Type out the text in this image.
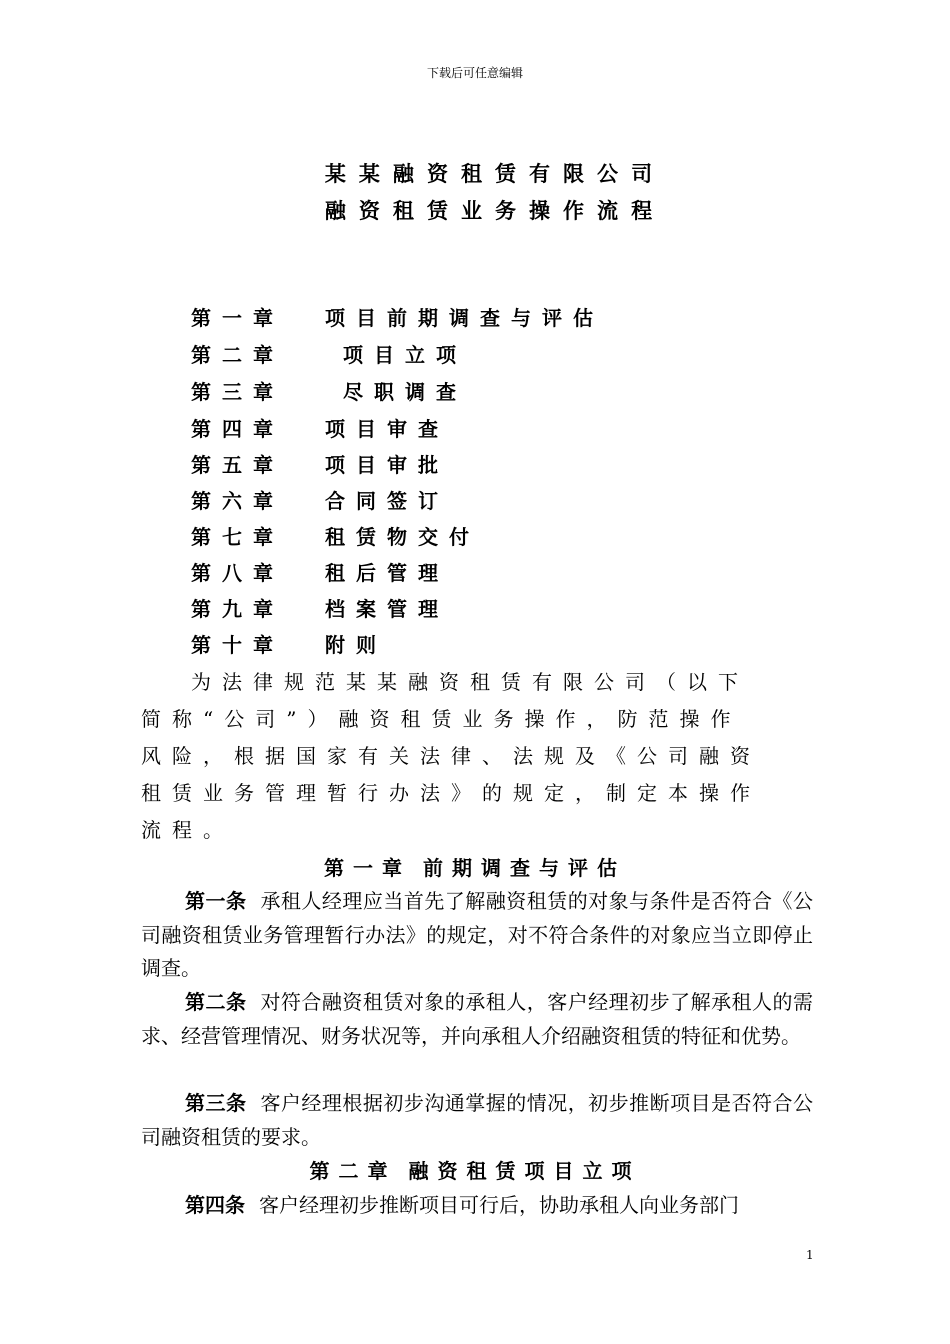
下载后可任意编辑
某某融资租赁有限公司
融资租赁业务操作流程
第一章 项目前期调查与评估
第二章	项目立项
第三章	尽职调查
第四章 项目审查
第五章 项目审批
第六章 合同签订
第七章 租赁物交付
第八章 租后管理
第九章 档案管理
第十章 附则
为法律规范某某融资租赁有限公司（以下
简称“公司”）融资租赁业务操作，防范操作
风险，根据国家有关法律、法规及《公司融资
租赁业务管理暂行办法》的规定，制定本操作
流程。
第一章 前期调查与评估
第一条 承租人经理应当首先了解融资租赁的对象与条件是否符合《公司融资租赁业务管理暂行办法》的规定，对不符合条件的对象应当立即停止调查。
第二条 对符合融资租赁对象的承租人，客户经理初步了解承租人的需求、经营管理情况、财务状况等，并向承租人介绍融资租赁的特征和优势。
第三条 客户经理根据初步沟通掌握的情况，初步推断项目是否符合公司融资租赁的要求。
第二章 融资租赁项目立项
第四条 客户经理初步推断项目可行后，协助承租人向业务部门
1
